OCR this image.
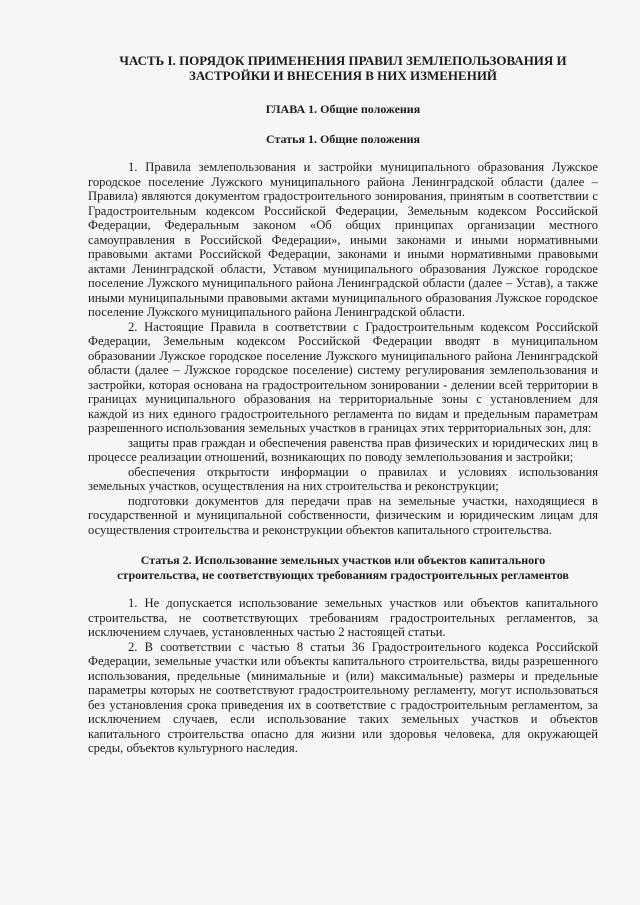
ЧАСТЬ I. ПОРЯДОК ПРИМЕНЕНИЯ ПРАВИЛ ЗЕМЛЕПОЛЬЗОВАНИЯ И
ЗАСТРОЙКИ И ВНЕСЕНИЯ В НИХ ИЗМЕНЕНИЙ

ГЛАВА 1. Общие положения

Статья 1. Общие положения

1. Правила землепользования и застройки муниципального образования Лужское городское поселение Лужского муниципального района Ленинградской области (далее – Правила) являются документом градостроительного зонирования, принятым в соответствии с Градостроительным кодексом Российской Федерации, Земельным кодексом Российской Федерации, Федеральным законом «Об общих принципах организации местного самоуправления в Российской Федерации», иными законами и иными нормативными правовыми актами Российской Федерации, законами и иными нормативными правовыми актами Ленинградской области, Уставом муниципального образования Лужское городское поселение Лужского муниципального района Ленинградской области (далее – Устав), а также иными муниципальными правовыми актами муниципального образования Лужское городское поселение Лужского муниципального района Ленинградской области.
2. Настоящие Правила в соответствии с Градостроительным кодексом Российской Федерации, Земельным кодексом Российской Федерации вводят в муниципальном образовании Лужское городское поселение Лужского муниципального района Ленинградской области (далее – Лужское городское поселение) систему регулирования землепользования и застройки, которая основана на градостроительном зонировании - делении всей территории в границах муниципального образования на территориальные зоны с установлением для каждой из них единого градостроительного регламента по видам и предельным параметрам разрешенного использования земельных участков в границах этих территориальных зон, для:
защиты прав граждан и обеспечения равенства прав физических и юридических лиц в процессе реализации отношений, возникающих по поводу землепользования и застройки;
обеспечения открытости информации о правилах и условиях использования земельных участков, осуществления на них строительства и реконструкции;
подготовки документов для передачи прав на земельные участки, находящиеся в государственной и муниципальной собственности, физическим и юридическим лицам для осуществления строительства и реконструкции объектов капитального строительства.

Статья 2. Использование земельных участков или объектов капитального
строительства, не соответствующих требованиям градостроительных регламентов

1. Не допускается использование земельных участков или объектов капитального строительства, не соответствующих требованиям градостроительных регламентов, за исключением случаев, установленных частью 2 настоящей статьи.
2. В соответствии с частью 8 статьи 36 Градостроительного кодекса Российской Федерации, земельные участки или объекты капитального строительства, виды разрешенного использования, предельные (минимальные и (или) максимальные) размеры и предельные параметры которых не соответствуют градостроительному регламенту, могут использоваться без установления срока приведения их в соответствие с градостроительным регламентом, за исключением случаев, если использование таких земельных участков и объектов капитального строительства опасно для жизни или здоровья человека, для окружающей среды, объектов культурного наследия.
